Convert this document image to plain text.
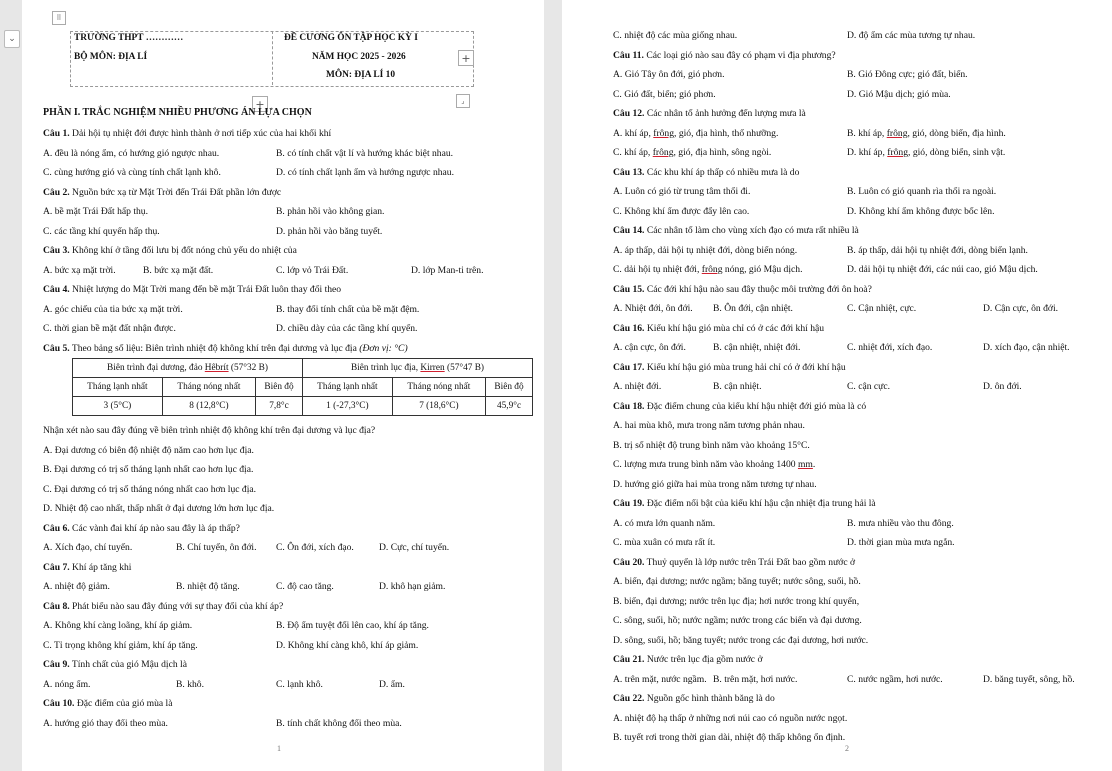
⌄
⠿
TRƯỜNG THPT …………
BỘ MÔN: ĐỊA LÍ
ĐỀ CƯƠNG ÔN TẬP HỌC KỲ I
NĂM HỌC 2025 - 2026
MÔN: ĐỊA LÍ 10
+
+	⌟
PHẦN I. TRẮC NGHIỆM NHIỀU PHƯƠNG ÁN LỰA CHỌN
Câu 1. Dải hội tụ nhiệt đới được hình thành ở nơi tiếp xúc của hai khối khí
A. đều là nóng ẩm, có hướng gió ngược nhau.	B. có tính chất vật lí và hướng khác biệt nhau.
C. cùng hướng gió và cùng tính chất lạnh khô.	D. có tính chất lạnh ẩm và hướng ngược nhau.
Câu 2. Nguồn bức xạ từ Mặt Trời đến Trái Đất phần lớn được
A. bề mặt Trái Đất hấp thụ.	B. phản hồi vào không gian.
C. các tầng khí quyển hấp thụ.	D. phản hồi vào băng tuyết.
Câu 3. Không khí ở tầng đối lưu bị đốt nóng chủ yếu do nhiệt của
A. bức xạ mặt trời.	B. bức xạ mặt đất.	C. lớp vỏ Trái Đất.	D. lớp Man-ti trên.
Câu 4. Nhiệt lượng do Mặt Trời mang đến bề mặt Trái Đất luôn thay đổi theo
A. góc chiếu của tia bức xạ mặt trời.	B. thay đổi tính chất của bề mặt đệm.
C. thời gian bề mặt đất nhận được.	D. chiều dày của các tầng khí quyển.
Câu 5. Theo bảng số liệu: Biên trình nhiệt độ không khí trên đại dương và lục địa (Đơn vị: °C)
Biên trình đại dương, đảo Hêbrít (57°32 B)			Biên trình lục địa, Kirren (57°47 B)		
Tháng lạnh nhất	Tháng nóng nhất	Biên độ	Tháng lạnh nhất	Tháng nóng nhất	Biên độ
3 (5°C)	8 (12,8°C)	7,8°c	1 (-27,3°C)	7 (18,6°C)	45,9°c
Nhận xét nào sau đây đúng về biên trình nhiệt độ không khí trên đại dương và lục địa?
A. Đại dương có biên độ nhiệt độ năm cao hơn lục địa.
B. Đại dương có trị số tháng lạnh nhất cao hơn lục địa.
C. Đại dương có trị số tháng nóng nhất cao hơn lục địa.
D. Nhiệt độ cao nhất, thấp nhất ở đại dương lớn hơn lục địa.
Câu 6. Các vành đai khí áp nào sau đây là áp thấp?
A. Xích đạo, chí tuyến.	B. Chí tuyến, ôn đới. C. Ôn đới, xích đạo.	D. Cực, chí tuyến.
Câu 7. Khí áp tăng khi
A. nhiệt độ giảm.	B. nhiệt độ tăng.	C. độ cao tăng.	D. khô hạn giảm.
Câu 8. Phát biểu nào sau đây đúng với sự thay đổi của khí áp?
A. Không khí càng loãng, khí áp giảm.	B. Độ ẩm tuyệt đối lên cao, khí áp tăng.
C. Tỉ trọng không khí giảm, khí áp tăng.	D. Không khí càng khô, khí áp giảm.
Câu 9. Tính chất của gió Mậu dịch là
A. nóng ẩm.	B. khô.	C. lạnh khô.	D. ẩm.
Câu 10. Đặc điểm của gió mùa là
A. hướng gió thay đổi theo mùa.	B. tính chất không đổi theo mùa.
1
C. nhiệt độ các mùa giống nhau.	D. độ ẩm các mùa tương tự nhau.
Câu 11. Các loại gió nào sau đây có phạm vi địa phương?
A. Gió Tây ôn đới, gió phơn.	B. Gió Đông cực; gió đất, biển.
C. Gió đất, biển; gió phơn.	D. Gió Mậu dịch; gió mùa.
Câu 12. Các nhân tố ảnh hưởng đến lượng mưa là
A. khí áp, frông, gió, địa hình, thổ nhưỡng.	B. khí áp, frông, gió, dòng biển, địa hình.
C. khí áp, frông, gió, địa hình, sông ngòi.	D. khí áp, frông, gió, dòng biển, sinh vật.
Câu 13. Các khu khí áp thấp có nhiều mưa là do
A. Luôn có gió từ trung tâm thổi đi.	B. Luôn có gió quanh rìa thổi ra ngoài.
C. Không khí ẩm được đẩy lên cao.	D. Không khí ẩm không được bốc lên.
Câu 14. Các nhân tố làm cho vùng xích đạo có mưa rất nhiều là
A. áp thấp, dải hội tụ nhiệt đới, dòng biển nóng.	B. áp thấp, dải hội tụ nhiệt đới, dòng biển lạnh.
C. dải hội tụ nhiệt đới, frông nóng, gió Mậu dịch.	D. dải hội tụ nhiệt đới, các núi cao, gió Mậu dịch.
Câu 15. Các đới khí hậu nào sau đây thuộc môi trường đới ôn hoà?
A. Nhiệt đới, ôn đới. B. Ôn đới, cận nhiệt.	C. Cận nhiệt, cực.	D. Cận cực, ôn đới.
Câu 16. Kiểu khí hậu gió mùa chỉ có ở các đới khí hậu
A. cận cực, ôn đới.	B. cận nhiệt, nhiệt đới.	C. nhiệt đới, xích đạo.	D. xích đạo, cận nhiệt.
Câu 17. Kiểu khí hậu gió mùa trung hải chỉ có ở đới khí hậu
A. nhiệt đới.	B. cận nhiệt.	C. cận cực.	D. ôn đới.
Câu 18. Đặc điểm chung của kiểu khí hậu nhiệt đới gió mùa là có
A. hai mùa khô, mưa trong năm tương phản nhau.
B. trị số nhiệt độ trung bình năm vào khoảng 15°C.
C. lượng mưa trung bình năm vào khoảng 1400 mm.
D. hướng gió giữa hai mùa trong năm tương tự nhau.
Câu 19. Đặc điểm nổi bật của kiểu khí hậu cận nhiệt địa trung hải là
A. có mưa lớn quanh năm.	B. mưa nhiều vào thu đông.
C. mùa xuân có mưa rất ít.	D. thời gian mùa mưa ngắn.
Câu 20. Thuỷ quyển là lớp nước trên Trái Đất bao gồm nước ở
A. biển, đại dương; nước ngầm; băng tuyết; nước sông, suối, hồ.
B. biển, đại dương; nước trên lục địa; hơi nước trong khí quyển,
C. sông, suối, hồ; nước ngầm; nước trong các biển và đại dương.
D. sông, suối, hồ; băng tuyết; nước trong các đại dương, hơi nước.
Câu 21. Nước trên lục địa gồm nước ở
A. trên mặt, nước ngầm. B. trên mặt, hơi nước.	C. nước ngầm, hơi nước.	D. băng tuyết, sông, hồ.
Câu 22. Nguồn gốc hình thành băng là do
A. nhiệt độ hạ thấp ở những nơi núi cao có nguồn nước ngọt.
B. tuyết rơi trong thời gian dài, nhiệt độ thấp không ổn định.
2
